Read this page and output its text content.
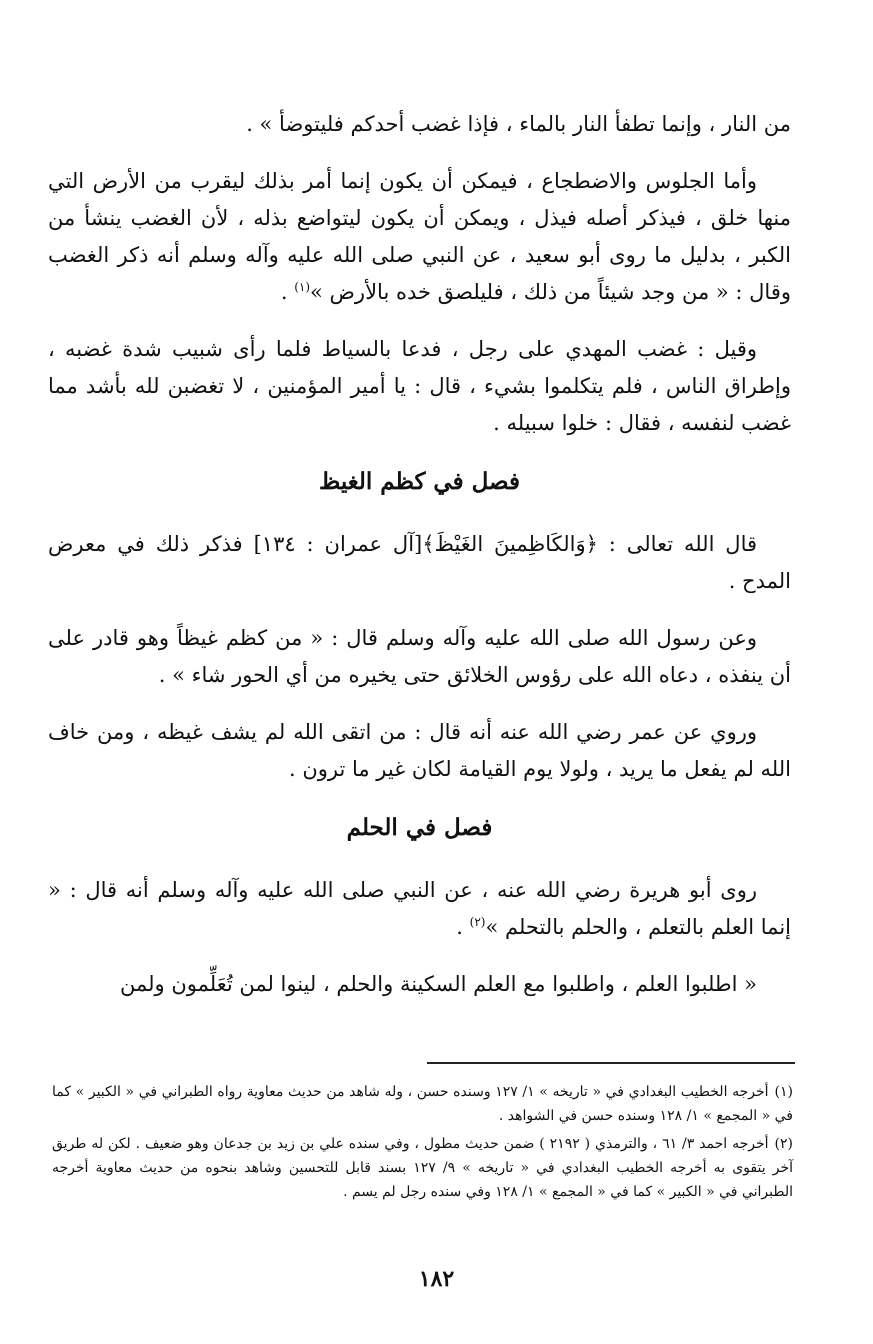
من النار ، وإنما تطفأ النار بالماء ، فإذا غضب أحدكم فليتوضأ » .

وأما الجلوس والاضطجاع ، فيمكن أن يكون إنما أمر بذلك ليقرب من الأرض التي منها خلق ، فيذكر أصله فيذل ، ويمكن أن يكون ليتواضع بذله ، لأن الغضب ينشأ من الكبر ، بدليل ما روى أبو سعيد ، عن النبي صلى الله عليه وآله وسلم أنه ذكر الغضب وقال : « من وجد شيئاً من ذلك ، فليلصق خده بالأرض »$^{(١)}$ .

وقيل : غضب المهدي على رجل ، فدعا بالسياط فلما رأى شبيب شدة غضبه ، وإطراق الناس ، فلم يتكلموا بشيء ، قال : يا أمير المؤمنين ، لا تغضبن لله بأشد مما غضب لنفسه ، فقال : خلوا سبيله .

فصل في كظم الغيظ

قال الله تعالى : ﴿وَالكَاظِمينَ الغَيْظَ﴾[آل عمران : ١٣٤] فذكر ذلك في معرض المدح .

وعن رسول الله صلى الله عليه وآله وسلم قال : « من كظم غيظاً وهو قادر على أن ينفذه ، دعاه الله على رؤوس الخلائق حتى يخيره من أي الحور شاء » .

وروي عن عمر رضي الله عنه أنه قال : من اتقى الله لم يشف غيظه ، ومن خاف الله لم يفعل ما يريد ، ولولا يوم القيامة لكان غير ما ترون .

فصل في الحلم

روى أبو هريرة رضي الله عنه ، عن النبي صلى الله عليه وآله وسلم أنه قال : « إنما العلم بالتعلم ، والحلم بالتحلم »$^{(٢)}$ .

« اطلبوا العلم ، واطلبوا مع العلم السكينة والحلم ، لينوا لمن تُعَلِّمون ولمن

(١)أخرجه الخطيب البغدادي في « تاريخه » ١/ ١٢٧ وسنده حسن ، وله شاهد من حديث معاوية رواه الطبراني في « الكبير » كما في « المجمع » ١/ ١٢٨ وسنده حسن في الشواهد .

(٢)أخرجه احمد ٣/ ٦١ ، والترمذي ( ٢١٩٢ ) ضمن حديث مطول ، وفي سنده علي بن زيد بن جدعان وهو ضعيف . لكن له طريق آخر يتقوى به أخرجه الخطيب البغدادي في « تاريخه » ٩/ ١٢٧ بسند قابل للتحسين وشاهد بنحوه من حديث معاوية أخرجه الطبراني في « الكبير » كما في « المجمع » ١/ ١٢٨ وفي سنده رجل لم يسم .

١٨٢
